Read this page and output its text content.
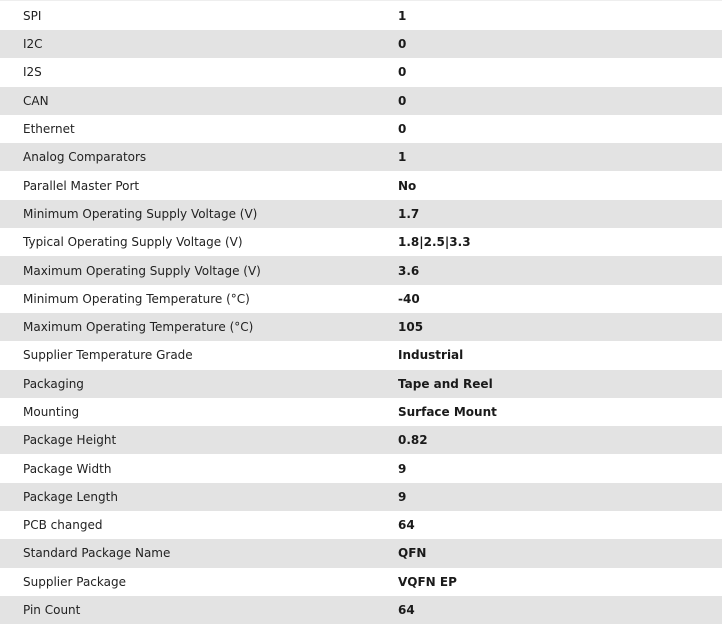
SPI	1
I2C	0
I2S	0
CAN	0
Ethernet	0
Analog Comparators	1
Parallel Master Port	No
Minimum Operating Supply Voltage (V)	1.7
Typical Operating Supply Voltage (V)	1.8|2.5|3.3
Maximum Operating Supply Voltage (V)	3.6
Minimum Operating Temperature (°C)	-40
Maximum Operating Temperature (°C)	105
Supplier Temperature Grade	Industrial
Packaging	Tape and Reel
Mounting	Surface Mount
Package Height	0.82
Package Width	9
Package Length	9
PCB changed	64
Standard Package Name	QFN
Supplier Package	VQFN EP
Pin Count	64
